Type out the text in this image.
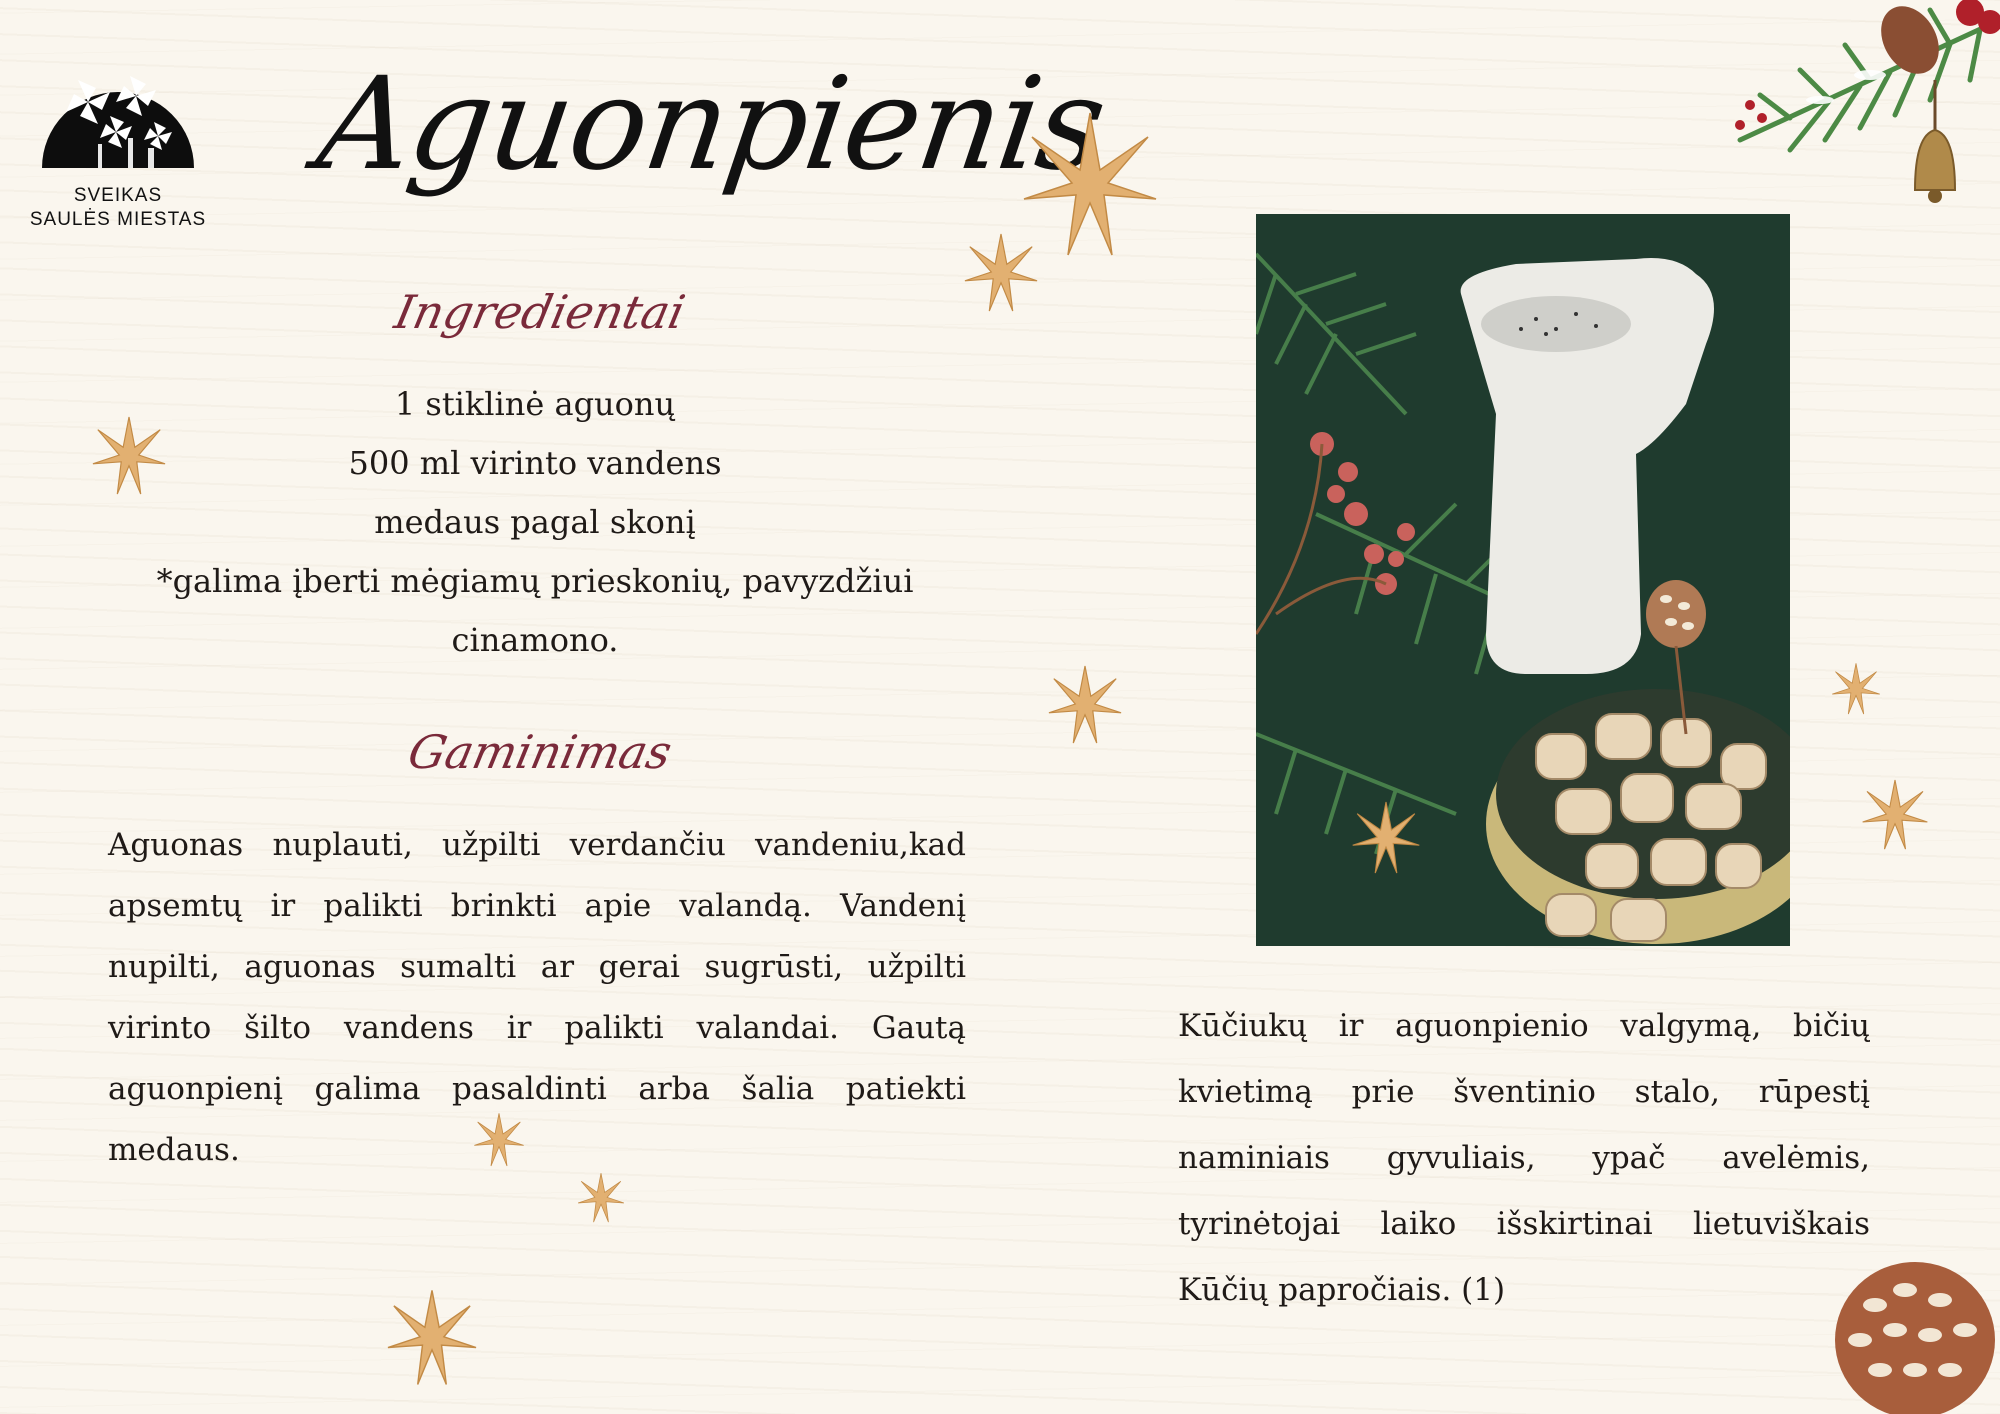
SVEIKAS
SAULĖS MIESTAS
Aguonpienis
Ingredientai
1 stiklinė aguonų
500 ml virinto vandens
medaus pagal skonį
*galima įberti mėgiamų prieskonių, pavyzdžiui
cinamono.
Gaminimas
Aguonas nuplauti, užpilti verdančiu vandeniu,kad apsemtų ir palikti brinkti apie valandą. Vandenį nupilti, aguonas sumalti ar gerai sugrūsti, užpilti virinto šilto vandens ir palikti valandai. Gautą aguonpienį galima pasaldinti arba šalia patiekti medaus.
Kūčiukų ir aguonpienio valgymą, bičių kvietimą prie šventinio stalo, rūpestį naminiais gyvuliais, ypač avelėmis, tyrinėtojai laiko išskirtinai lietuviškais Kūčių papročiais. (1)
